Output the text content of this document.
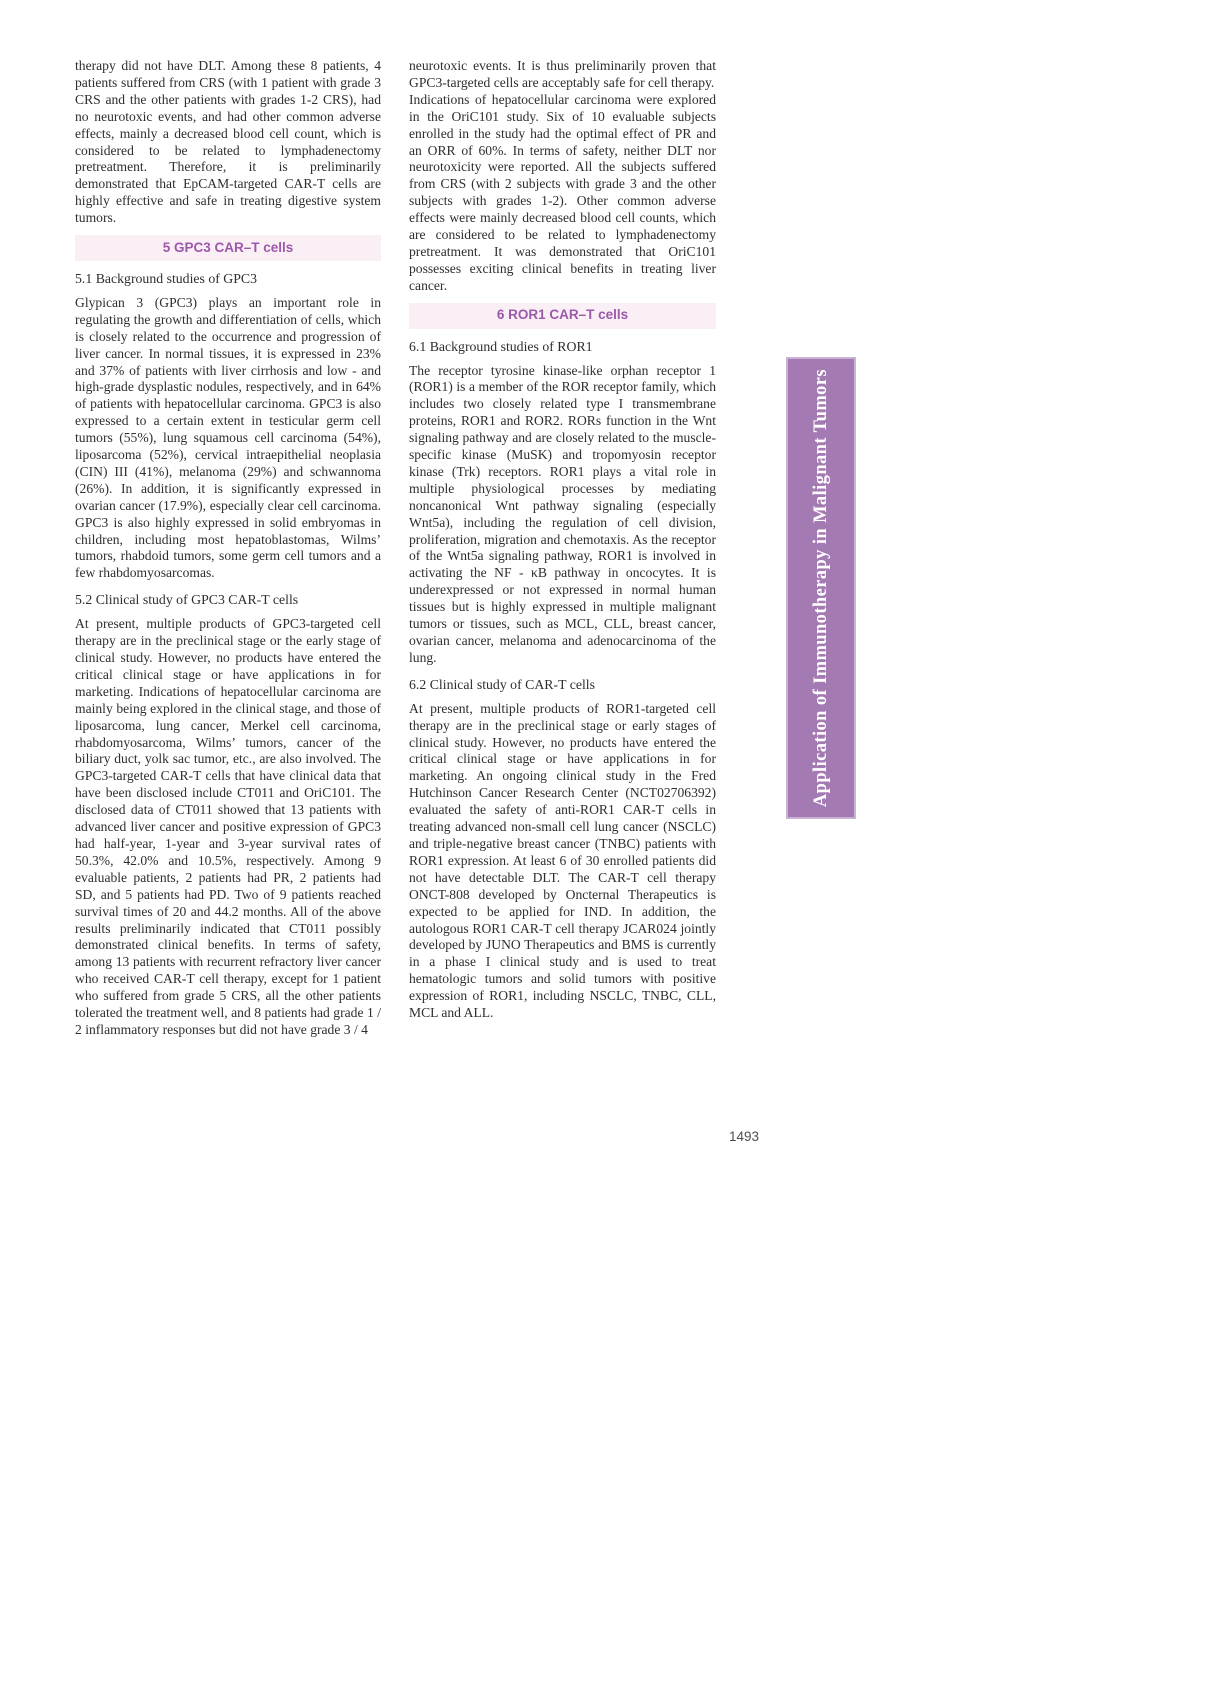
therapy did not have DLT. Among these 8 patients, 4 patients suffered from CRS (with 1 patient with grade 3 CRS and the other patients with grades 1-2 CRS), had no neurotoxic events, and had other common adverse effects, mainly a decreased blood cell count, which is considered to be related to lymphadenectomy pretreatment. Therefore, it is preliminarily demonstrated that EpCAM-targeted CAR-T cells are highly effective and safe in treating digestive system tumors.

5 GPC3 CAR–T cells

5.1 Background studies of GPC3

Glypican 3 (GPC3) plays an important role in regulating the growth and differentiation of cells, which is closely related to the occurrence and progression of liver cancer. In normal tissues, it is expressed in 23% and 37% of patients with liver cirrhosis and low - and high-grade dysplastic nodules, respectively, and in 64% of patients with hepatocellular carcinoma. GPC3 is also expressed to a certain extent in testicular germ cell tumors (55%), lung squamous cell carcinoma (54%), liposarcoma (52%), cervical intraepithelial neoplasia (CIN) III (41%), melanoma (29%) and schwannoma (26%). In addition, it is significantly expressed in ovarian cancer (17.9%), especially clear cell carcinoma. GPC3 is also highly expressed in solid embryomas in children, including most hepatoblastomas, Wilms’ tumors, rhabdoid tumors, some germ cell tumors and a few rhabdomyosarcomas.

5.2 Clinical study of GPC3 CAR-T cells

At present, multiple products of GPC3-targeted cell therapy are in the preclinical stage or the early stage of clinical study. However, no products have entered the critical clinical stage or have applications in for marketing. Indications of hepatocellular carcinoma are mainly being explored in the clinical stage, and those of liposarcoma, lung cancer, Merkel cell carcinoma, rhabdomyosarcoma, Wilms’ tumors, cancer of the biliary duct, yolk sac tumor, etc., are also involved. The GPC3-targeted CAR-T cells that have clinical data that have been disclosed include CT011 and OriC101. The disclosed data of CT011 showed that 13 patients with advanced liver cancer and positive expression of GPC3 had half-year, 1-year and 3-year survival rates of 50.3%, 42.0% and 10.5%, respectively. Among 9 evaluable patients, 2 patients had PR, 2 patients had SD, and 5 patients had PD. Two of 9 patients reached survival times of 20 and 44.2 months. All of the above results preliminarily indicated that CT011 possibly demonstrated clinical benefits. In terms of safety, among 13 patients with recurrent refractory liver cancer who received CAR-T cell therapy, except for 1 patient who suffered from grade 5 CRS, all the other patients tolerated the treatment well, and 8 patients had grade 1 / 2 inflammatory responses but did not have grade 3 / 4

neurotoxic events. It is thus preliminarily proven that GPC3-targeted cells are acceptably safe for cell therapy.

Indications of hepatocellular carcinoma were explored in the OriC101 study. Six of 10 evaluable subjects enrolled in the study had the optimal effect of PR and an ORR of 60%. In terms of safety, neither DLT nor neurotoxicity were reported. All the subjects suffered from CRS (with 2 subjects with grade 3 and the other subjects with grades 1-2). Other common adverse effects were mainly decreased blood cell counts, which are considered to be related to lymphadenectomy pretreatment. It was demonstrated that OriC101 possesses exciting clinical benefits in treating liver cancer.

6 ROR1 CAR–T cells

6.1 Background studies of ROR1

The receptor tyrosine kinase-like orphan receptor 1 (ROR1) is a member of the ROR receptor family, which includes two closely related type I transmembrane proteins, ROR1 and ROR2. RORs function in the Wnt signaling pathway and are closely related to the muscle-specific kinase (MuSK) and tropomyosin receptor kinase (Trk) receptors. ROR1 plays a vital role in multiple physiological processes by mediating noncanonical Wnt pathway signaling (especially Wnt5a), including the regulation of cell division, proliferation, migration and chemotaxis. As the receptor of the Wnt5a signaling pathway, ROR1 is involved in activating the NF - κB pathway in oncocytes. It is underexpressed or not expressed in normal human tissues but is highly expressed in multiple malignant tumors or tissues, such as MCL, CLL, breast cancer, ovarian cancer, melanoma and adenocarcinoma of the lung.

6.2 Clinical study of CAR-T cells

At present, multiple products of ROR1-targeted cell therapy are in the preclinical stage or early stages of clinical study. However, no products have entered the critical clinical stage or have applications in for marketing. An ongoing clinical study in the Fred Hutchinson Cancer Research Center (NCT02706392) evaluated the safety of anti-ROR1 CAR-T cells in treating advanced non-small cell lung cancer (NSCLC) and triple-negative breast cancer (TNBC) patients with ROR1 expression. At least 6 of 30 enrolled patients did not have detectable DLT. The CAR-T cell therapy ONCT-808 developed by Oncternal Therapeutics is expected to be applied for IND. In addition, the autologous ROR1 CAR-T cell therapy JCAR024 jointly developed by JUNO Therapeutics and BMS is currently in a phase I clinical study and is used to treat hematologic tumors and solid tumors with positive expression of ROR1, including NSCLC, TNBC, CLL, MCL and ALL.

Application of Immunotherapy in Malignant Tumors
1493
